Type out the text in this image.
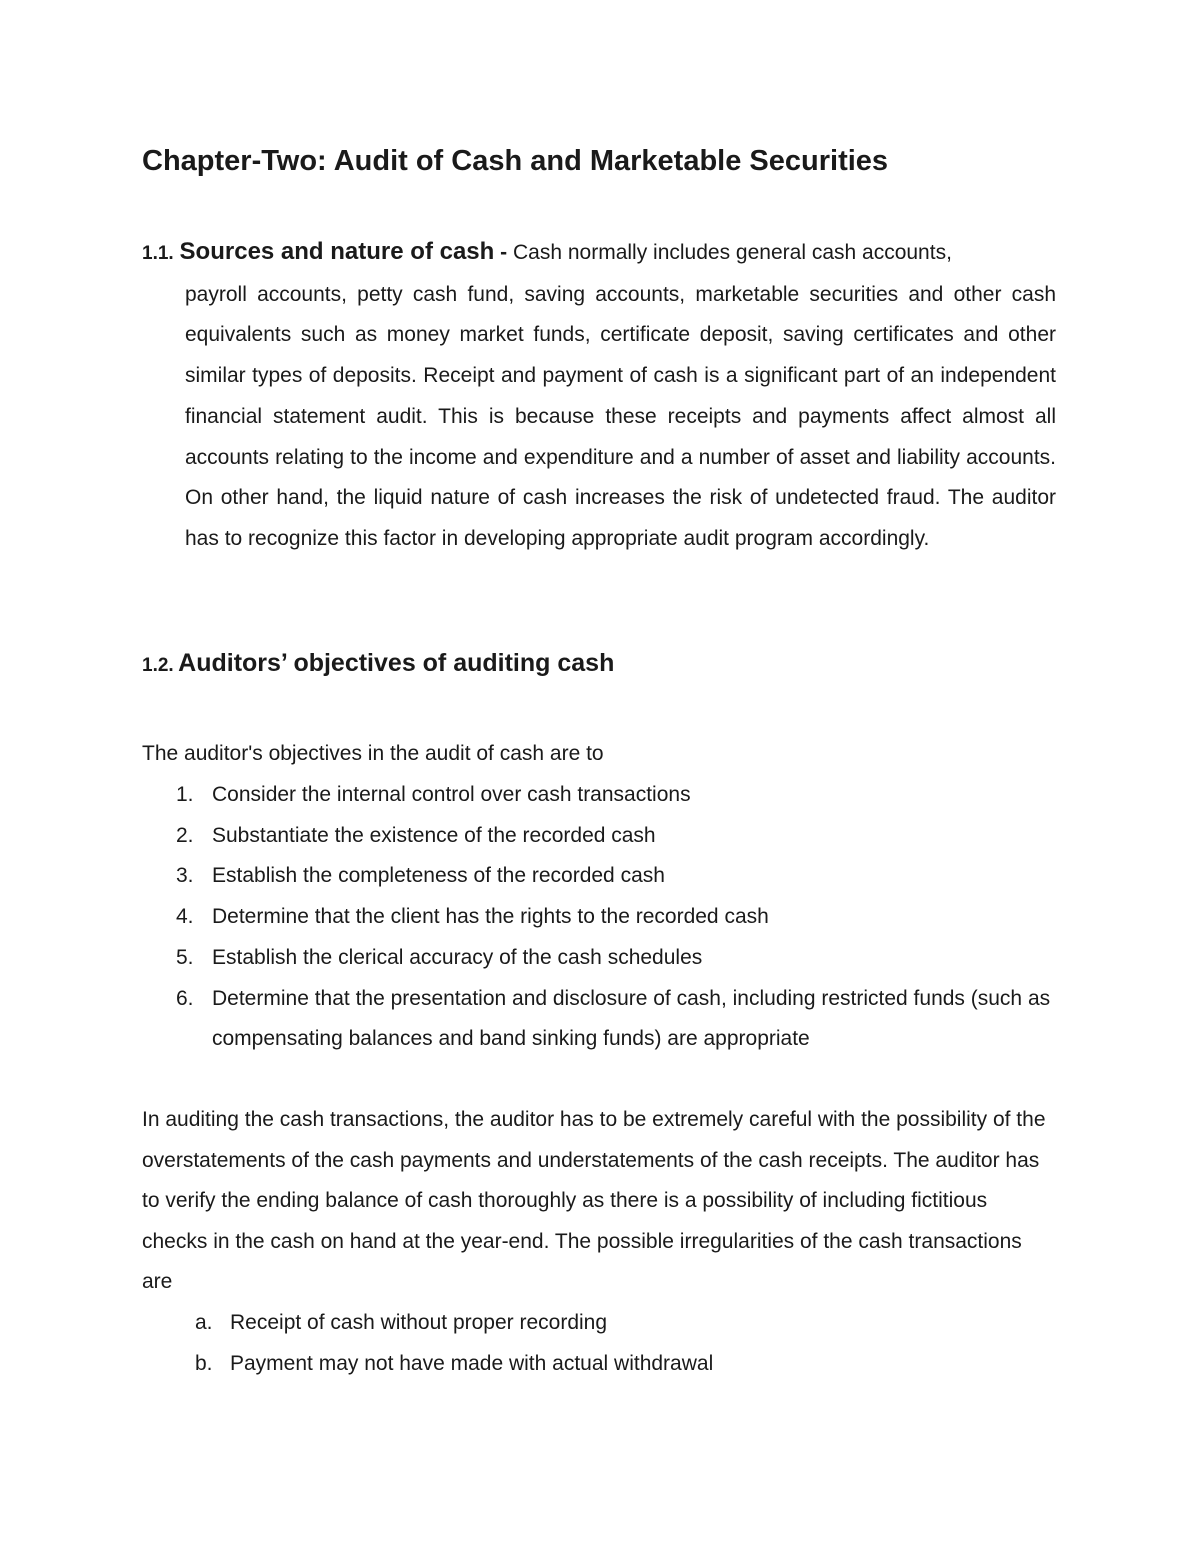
Chapter-Two: Audit of Cash and Marketable Securities
1.1. Sources and nature of cash - Cash normally includes general cash accounts,
payroll accounts, petty cash fund, saving accounts, marketable securities and other cash equivalents such as money market funds, certificate deposit, saving certificates and other similar types of deposits. Receipt and payment of cash is a significant part of an independent financial statement audit. This is because these receipts and payments affect almost all accounts relating to the income and expenditure and a number of asset and liability accounts. On other hand, the liquid nature of cash increases the risk of undetected fraud. The auditor has to recognize this factor in developing appropriate audit program accordingly.
1.2. Auditors’ objectives of auditing cash
The auditor's objectives in the audit of cash are to
1. Consider the internal control over cash transactions
2. Substantiate the existence of the recorded cash
3. Establish the completeness of the recorded cash
4. Determine that the client has the rights to the recorded cash
5. Establish the clerical accuracy of the cash schedules
6. Determine that the presentation and disclosure of cash, including restricted funds (such as compensating balances and band sinking funds) are appropriate

In auditing the cash transactions, the auditor has to be extremely careful with the possibility of the overstatements of the cash payments and understatements of the cash receipts. The auditor has to verify the ending balance of cash thoroughly as there is a possibility of including fictitious checks in the cash on hand at the year-end. The possible irregularities of the cash transactions are

a. Receipt of cash without proper recording
b. Payment may not have made with actual withdrawal
